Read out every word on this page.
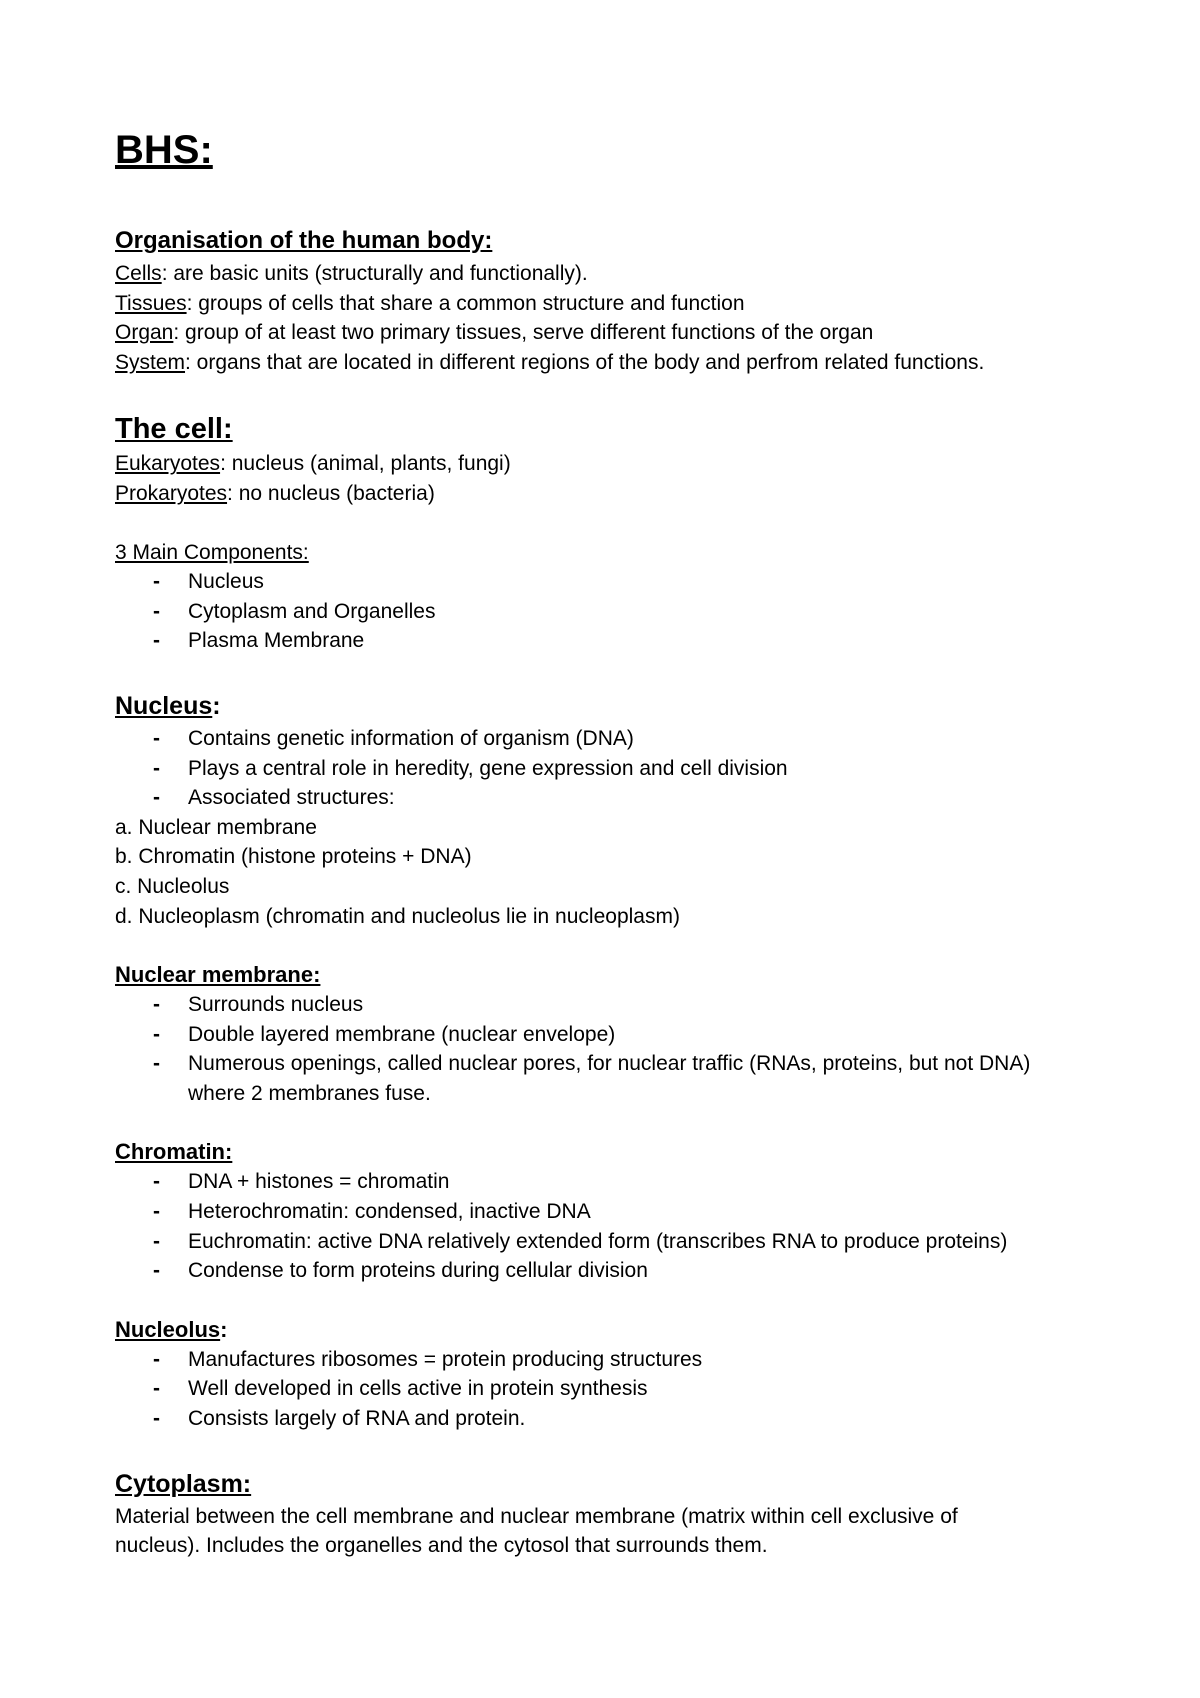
BHS:
Organisation of the human body:

Cells: are basic units (structurally and functionally).

Tissues: groups of cells that share a common structure and function

Organ: group of at least two primary tissues, serve different functions of the organ

System: organs that are located in different regions of the body and perfrom related functions.

The cell:

Eukaryotes: nucleus (animal, plants, fungi)

Prokaryotes: no nucleus (bacteria)

3 Main Components:

- Nucleus
- Cytoplasm and Organelles
- Plasma Membrane
Nucleus:
- Contains genetic information of organism (DNA)
- Plays a central role in heredity, gene expression and cell division
- Associated structures:

a. Nuclear membrane

b. Chromatin (histone proteins + DNA)

c. Nucleolus

d. Nucleoplasm (chromatin and nucleolus lie in nucleoplasm)

Nuclear membrane:
- Surrounds nucleus
- Double layered membrane (nuclear envelope)
- Numerous openings, called nuclear pores, for nuclear traffic (RNAs, proteins, but not DNA)
where 2 membranes fuse.
Chromatin:
- DNA + histones = chromatin
- Heterochromatin: condensed, inactive DNA
- Euchromatin: active DNA relatively extended form (transcribes RNA to produce proteins)
- Condense to form proteins during cellular division
Nucleolus:
- Manufactures ribosomes = protein producing structures
- Well developed in cells active in protein synthesis
- Consists largely of RNA and protein.
Cytoplasm:

Material between the cell membrane and nuclear membrane (matrix within cell exclusive of
nucleus). Includes the organelles and the cytosol that surrounds them.
